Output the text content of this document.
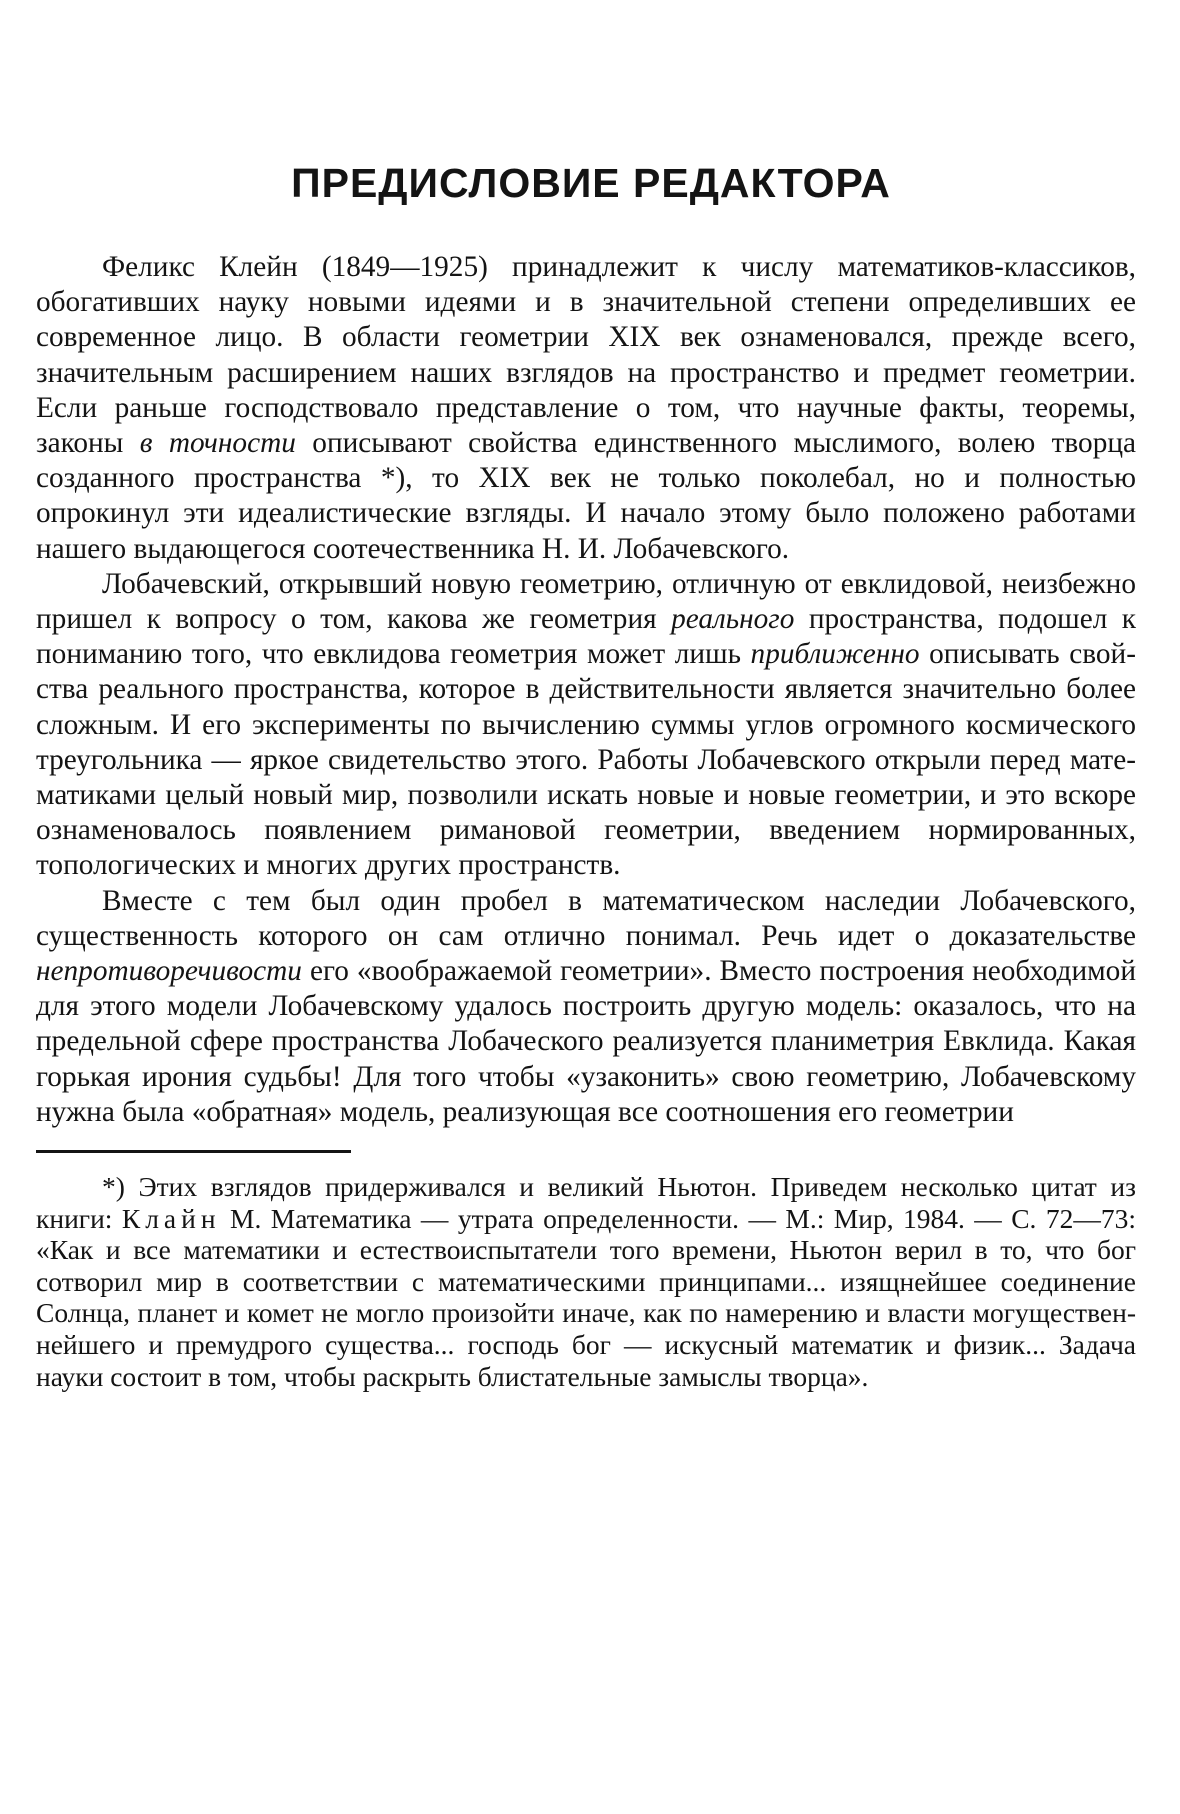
ПРЕДИСЛОВИЕ РЕДАКТОРА

Феликс Клейн (1849—1925) принадлежит к числу математиков-классиков, обогативших науку новыми идеями и в значительной степени определивших ее современное лицо. В области геометрии XIX век ознаменовался, прежде всего, значительным расширением наших взглядов на пространство и предмет геометрии. Если раньше господствовало представление о том, что научные факты, теоремы, законы в точности описывают свойства единственного мыслимого, волею творца созданного пространства *), то XIX век не только поколебал, но и полностью опрокинул эти идеалистические взгляды. И начало этому было положено работами нашего выдающегося соотечественника Н. И. Лобачевского.

Лобачевский, открывший новую геометрию, отличную от евклидовой, неизбежно пришел к вопросу о том, какова же геометрия реального пространства, подошел к пониманию того, что евклидова геометрия может лишь приближенно описывать свойства реального пространства, которое в действительности является значительно более сложным. И его эксперименты по вычислению суммы углов огромного космического треугольника — яркое свидетельство этого. Работы Лобачевского открыли перед математиками целый новый мир, позволили искать новые и новые геометрии, и это вскоре ознаменовалось появлением римановой геометрии, введением нормированных, топологических и многих других пространств.

Вместе с тем был один пробел в математическом наследии Лобачевского, существенность которого он сам отлично понимал. Речь идет о доказательстве непротиворечивости его «воображаемой геометрии». Вместо построения необходимой для этого модели Лобачевскому удалось построить другую модель: оказалось, что на предельной сфере пространства Лобаческого реализуется планиметрия Евклида. Какая горькая ирония судьбы! Для того чтобы «узаконить» свою геометрию, Лобачевскому нужна была «обратная» модель, реализующая все соотношения его геометрии

*) Этих взглядов придерживался и великий Ньютон. Приведем несколько цитат из книги: Клайн М. Математика — утрата определенности. — М.: Мир, 1984. — С. 72—73: «Как и все математики и естествоиспытатели того времени, Ньютон верил в то, что бог сотворил мир в соответствии с математическими принципами... изящнейшее соединение Солнца, планет и комет не могло произойти иначе, как по намерению и власти могущественнейшего и премудрого существа... господь бог — искусный математик и физик... Задача науки состоит в том, чтобы раскрыть блистательные замыслы творца».
